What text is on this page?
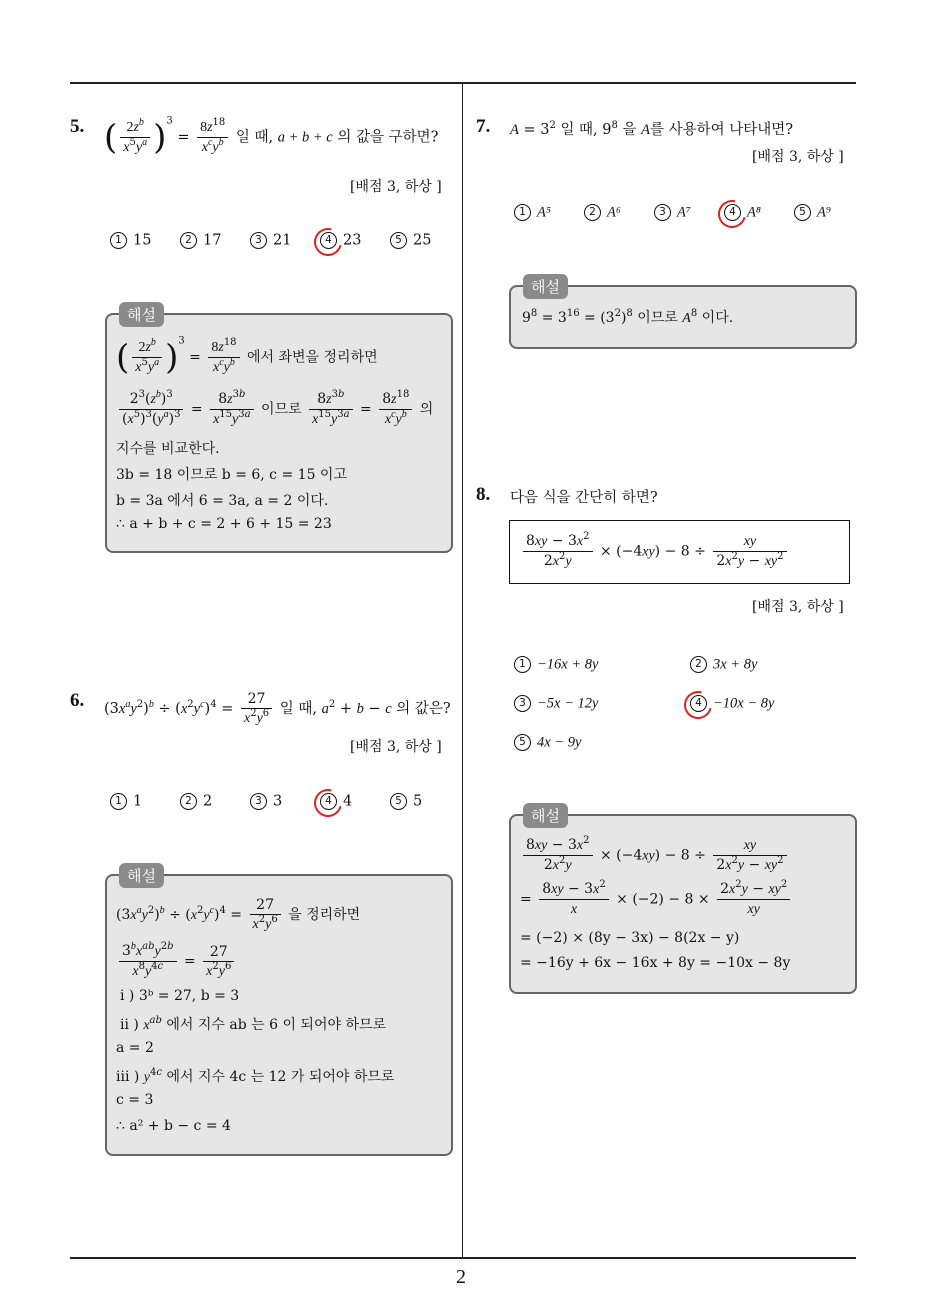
2
5. ( $\frac{2z^b}{x^5y^a} )^3 = \frac{8z^{18}}{x^cy^b}$ 일 때, a + b + c 의 값을 구하면?
[배점 3, 하상 ]
1 15	2 17	3 21	4 23	5 25
해설
( $\frac{2z^b}{x^5y^a} )^3 = \frac{8z^{18}}{x^cy^b}$ 에서 좌변을 정리하면
$\frac{2^3(z^b)^3}{(x^5)^3(y^a)^3} = \frac{8z^{3b}}{x^{15}y^{3a}}$ 이므로 $\frac{8z^{3b}}{x^{15}y^{3a}} = \frac{8z^{18}}{x^cy^b}$ 의
지수를 비교한다.
3b = 18 이므로 b = 6, c = 15 이고
b = 3a 에서 6 = 3a, a = 2 이다.
∴ a + b + c = 2 + 6 + 15 = 23
6. $(3x^ay^2)^b \div (x^2y^c)^4 = \frac{27}{x^2y^6}$ 일 때, $a^2 + b - c$ 의 값은?
[배점 3, 하상 ]
1 1	2 2	3 3	4 4	5 5
해설
$(3x^ay^2)^b \div (x^2y^c)^4 = \frac{27}{x^2y^6}$ 을 정리하면
$\frac{3^bx^{ab}y^{2b}}{x^8y^{4c}} = \frac{27}{x^2y^6}$
i ) 3ᵇ = 27, b = 3
ii ) $x^{ab}$ 에서 지수 ab 는 6 이 되어야 하므로
a = 2
iii ) $y^{4c}$ 에서 지수 4c 는 12 가 되어야 하므로
c = 3
∴ a² + b − c = 4
7. $A = 3^2$ 일 때, $9^8$ 을 A를 사용하여 나타내면?
[배점 3, 하상 ]
1 A⁵	2 A⁶	3 A⁷	4 A⁸	5 A⁹
해설
$9^8 = 3^{16} = (3^2)^8$ 이므로 $A^8$ 이다.
8. 다음 식을 간단히 하면?
$\frac{8xy - 3x^2}{2x^2y} \times (-4xy) - 8 \div \frac{xy}{2x^2y - xy^2}$
[배점 3, 하상 ]
1 −16x + 8y	2 3x + 8y
3 −5x − 12y	4 −10x − 8y
5 4x − 9y
해설
$\frac{8xy - 3x^2}{2x^2y} \times (-4xy) - 8 \div \frac{xy}{2x^2y - xy^2}$
= $\frac{8xy - 3x^2}{x} \times (-2) - 8 \times \frac{2x^2y - xy^2}{xy}$
= (−2) × (8y − 3x) − 8(2x − y)
= −16y + 6x − 16x + 8y = −10x − 8y
